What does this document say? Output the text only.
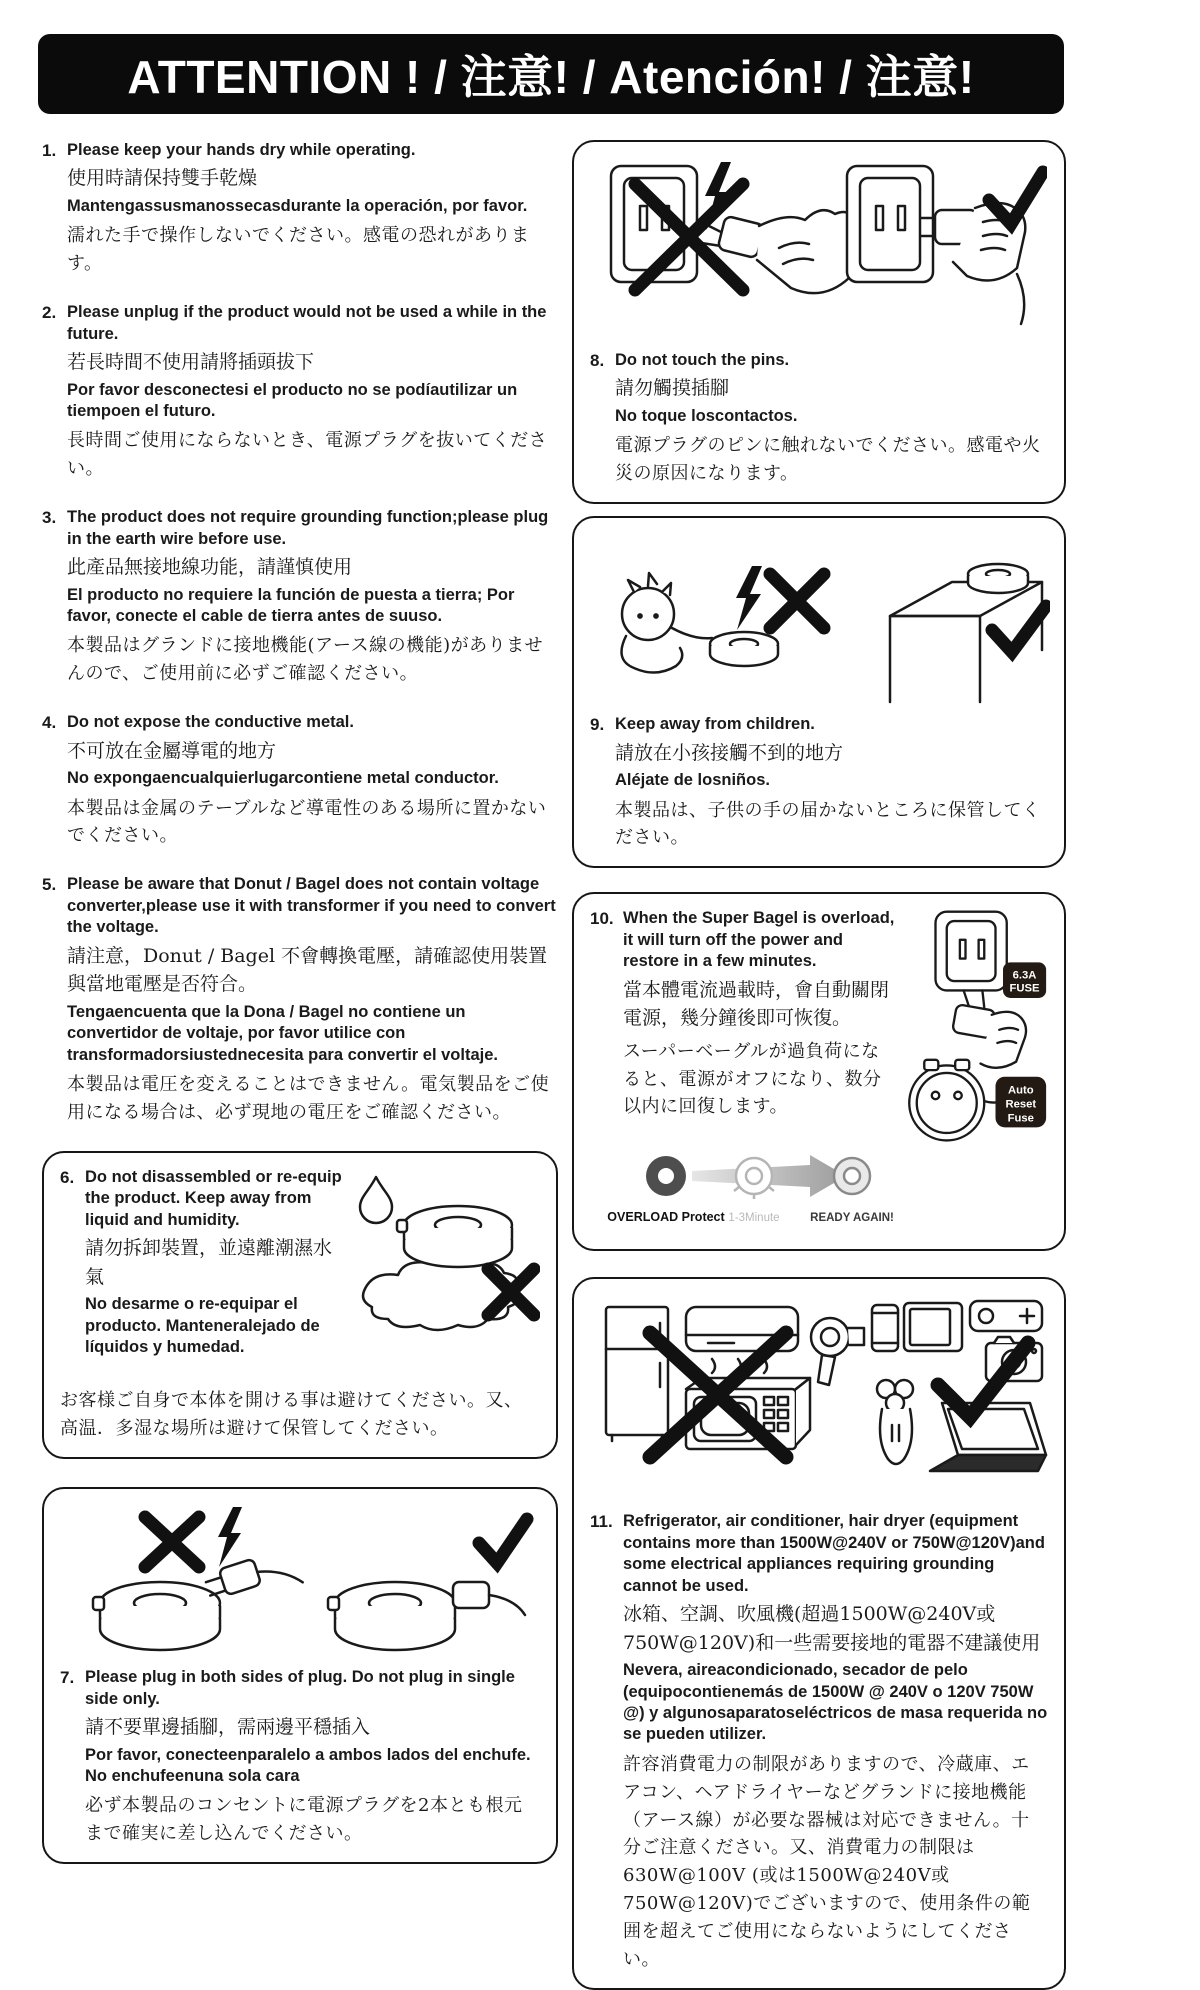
ATTENTION ! / 注意! / Atención! / 注意!
1. Please keep your hands dry while operating.
使用時請保持雙手乾燥
Mantengassusmanossecasdurante la operación, por favor.
濡れた手で操作しないでください。感電の恐れがあります。
2. Please unplug if the product would not be used a while in the future.
若長時間不使用請將插頭拔下
Por favor desconectesi el producto no se podíautilizar un tiempoen el futuro.
長時間ご使用にならないとき、電源プラグを抜いてください。
3. The product does not require grounding function;please plug in the earth wire before use.
此產品無接地線功能，請謹慎使用
El producto no requiere la función de puesta a tierra; Por favor, conecte el cable de tierra antes de suuso.
本製品はグランドに接地機能(アース線の機能)がありませんので、ご使用前に必ずご確認ください。
4. Do not expose the conductive metal.
不可放在金屬導電的地方
No expongaencualquierlugarcontiene metal conductor.
本製品は金属のテーブルなど導電性のある場所に置かないでください。
5. Please be aware that Donut / Bagel does not contain voltage converter,please use it with transformer if you need to convert the voltage.
請注意，Donut / Bagel 不會轉換電壓，請確認使用裝置與當地電壓是否符合。
Tengaencuenta que la Dona / Bagel no contiene un convertidor de voltaje, por favor utilice con transformadorsiustednecesita para convertir el voltaje.
本製品は電圧を変えることはできません。電気製品をご使用になる場合は、必ず現地の電圧をご確認ください。
6. Do not disassembled or re-equip the product. Keep away from liquid and humidity.
請勿拆卸裝置，並遠離潮濕水氣
No desarme o re-equipar el producto. Manteneralejado de líquidos y humedad.
お客様ご自身で本体を開ける事は避けてください。又、高温．多湿な場所は避けて保管してください。
7. Please plug in both sides of plug. Do not plug in single side only.
請不要單邊插腳，需兩邊平穩插入
Por favor, conecteenparalelo a ambos lados del enchufe. No enchufeenuna sola cara
必ず本製品のコンセントに電源プラグを2本とも根元まで確実に差し込んでください。
8. Do not touch the pins.
請勿觸摸插腳
No toque loscontactos.
電源プラグのピンに触れないでください。感電や火災の原因になります。
9. Keep away from children.
請放在小孩接觸不到的地方
Aléjate de losniños.
本製品は、子供の手の届かないところに保管してください。
10. When the Super Bagel is overload, it will turn off the power and restore in a few minutes.
當本體電流過載時，會自動關閉電源，幾分鐘後即可恢復。
スーパーベーグルが過負荷になると、電源がオフになり、数分以内に回復します。
6.3A
FUSE
Auto
Reset
Fuse
OVERLOAD Protect 1-3Minute	READY AGAIN!
11. Refrigerator, air conditioner, hair dryer (equipment contains more than 1500W@240V or 750W@120V)and some electrical appliances requiring grounding cannot be used.
冰箱、空調、吹風機(超過1500W@240V或750W@120V)和一些需要接地的電器不建議使用
Nevera, aireacondicionado, secador de pelo (equipocontienemás de 1500W @ 240V o 120V 750W @) y algunosaparatoseléctricos de masa requerida no se pueden utilizer.
許容消費電力の制限がありますので、冷蔵庫、エアコン、ヘアドライヤーなどグランドに接地機能（アース線）が必要な器械は対応できません。十分ご注意ください。又、消費電力の制限は630W@100V (或は1500W@240V或750W@120V)でございますので、使用条件の範囲を超えてご使用にならないようにしてください。
